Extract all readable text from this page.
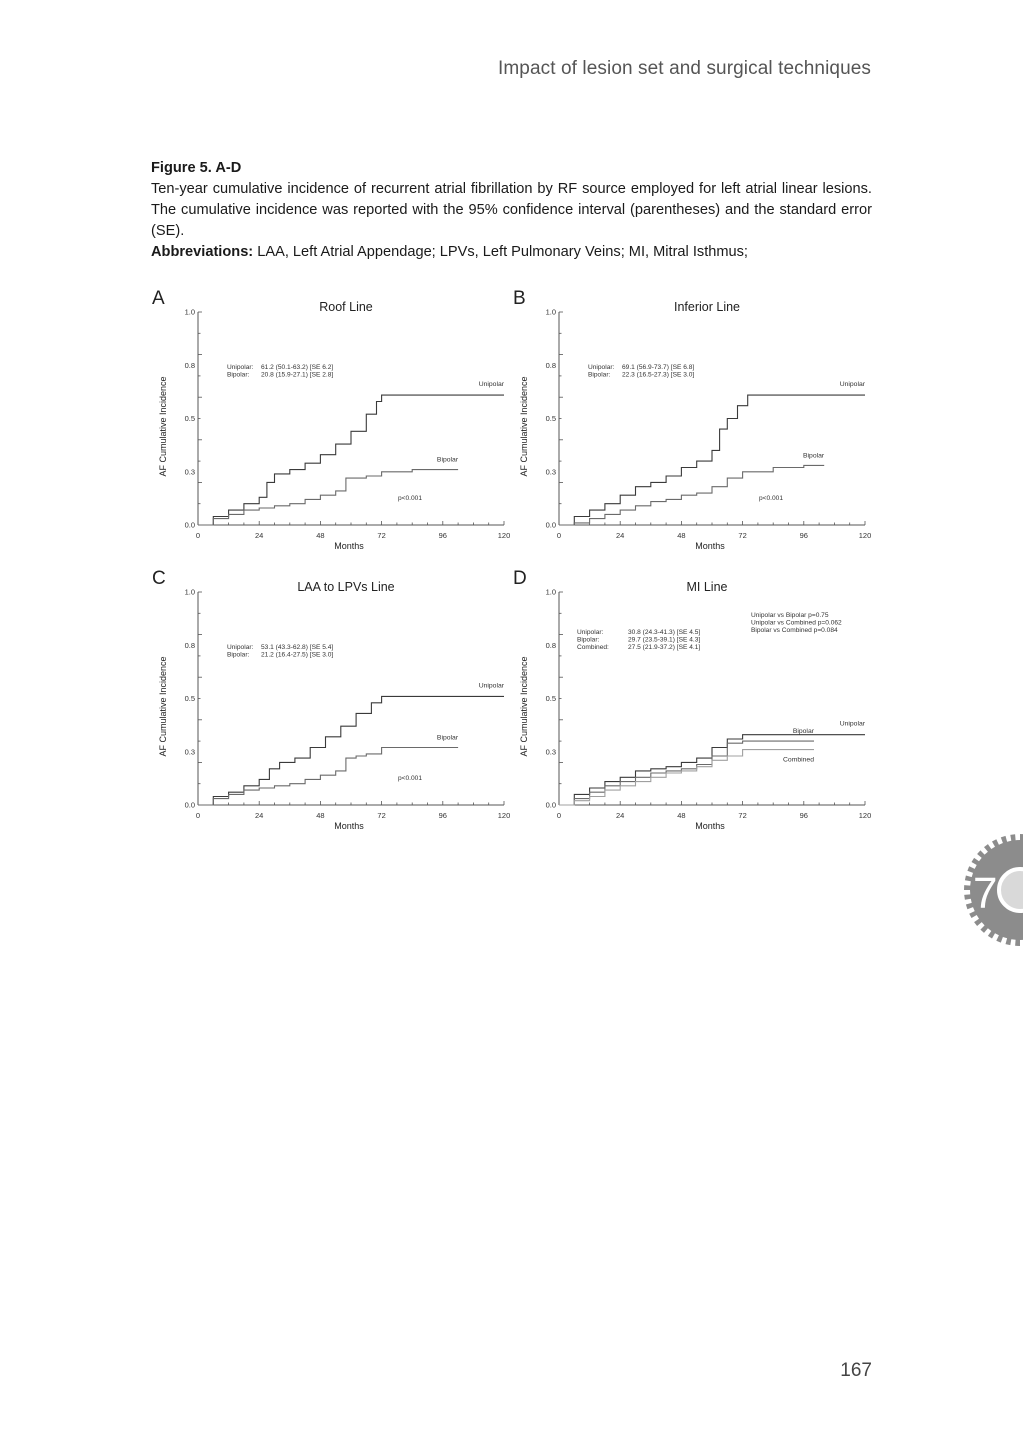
Impact of lesion set and surgical techniques
Figure 5. A-D
Ten-year cumulative incidence of recurrent atrial fibrillation by RF source employed for left atrial linear lesions. The cumulative incidence was reported with the 95% confidence interval (parentheses) and the standard error (SE).
Abbreviations: LAA, Left Atrial Appendage; LPVs, Left Pulmonary Veins; MI, Mitral Isthmus;
A	Roof Line
0.0
0.3
0.5
0.8
1.0
0	24	48	72	96	120
Months
AF Cumulative Incidence
Unipolar: 61.2 (50.1-63.2) [SE 6.2]
Bipolar: 20.8 (15.9-27.1) [SE 2.8]
p<0.001
Unipolar
Bipolar
B	Inferior Line
0.0
0.3
0.5
0.8
1.0
0	24	48	72	96	120
Months
AF Cumulative Incidence
Unipolar: 69.1 (56.9-73.7) [SE 6.8]
Bipolar: 22.3 (16.5-27.3) [SE 3.0]
p<0.001
Unipolar
Bipolar
C	LAA to LPVs Line
0.0
0.3
0.5
0.8
1.0
0	24	48	72	96	120
Months
AF Cumulative Incidence
Unipolar: 53.1 (43.3-62.8) [SE 5.4]
Bipolar: 21.2 (16.4-27.5) [SE 3.0]
p<0.001
Unipolar
Bipolar
D	MI Line
0.0
0.3
0.5
0.8
1.0
0	24	48	72	96	120
Months
AF Cumulative Incidence
Unipolar:	30.8 (24.3-41.3) [SE 4.5]
Bipolar:	29.7 (23.5-39.1) [SE 4.3]
Combined:	27.5 (21.9-37.2) [SE 4.1]
Unipolar vs Bipolar p=0.75
Unipolar vs Combined p=0.062
Bipolar vs Combined p=0.084
Unipolar
Bipolar
Combined
7
167
